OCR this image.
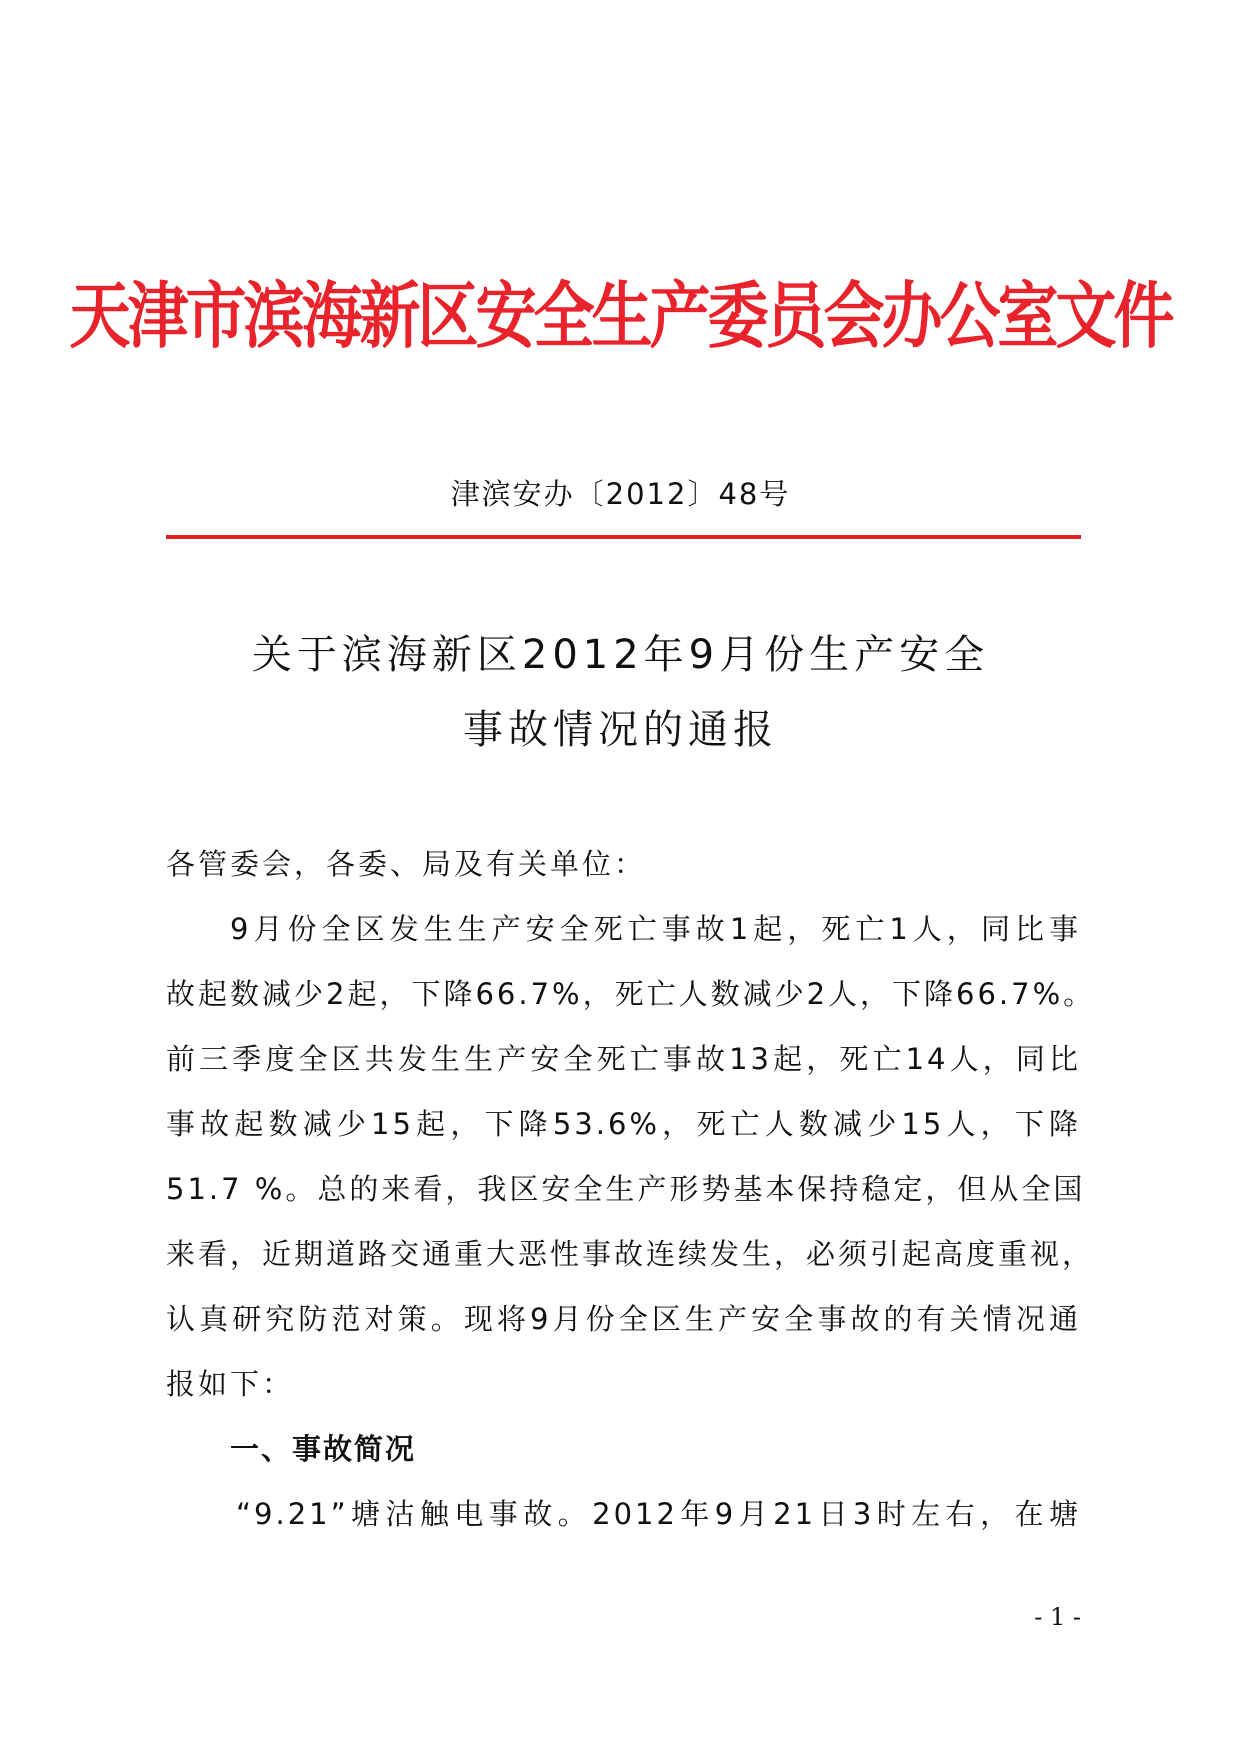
天津市滨海新区安全生产委员会办公室文件
津滨安办〔2012〕48号
关于滨海新区2012年9月份生产安全
事故情况的通报
各管委会，各委、局及有关单位：
9月份全区发生生产安全死亡事故1起，死亡1人，同比事
故起数减少2起，下降66.7%，死亡人数减少2人，下降66.7%。
前三季度全区共发生生产安全死亡事故13起，死亡14人，同比
事故起数减少15起，下降53.6%，死亡人数减少15人，下降
51.7 %。总的来看，我区安全生产形势基本保持稳定，但从全国
来看，近期道路交通重大恶性事故连续发生，必须引起高度重视，
认真研究防范对策。现将9月份全区生产安全事故的有关情况通
报如下：
一、事故简况
“9.21”塘沽触电事故。2012年9月21日3时左右，在塘
- 1 -
